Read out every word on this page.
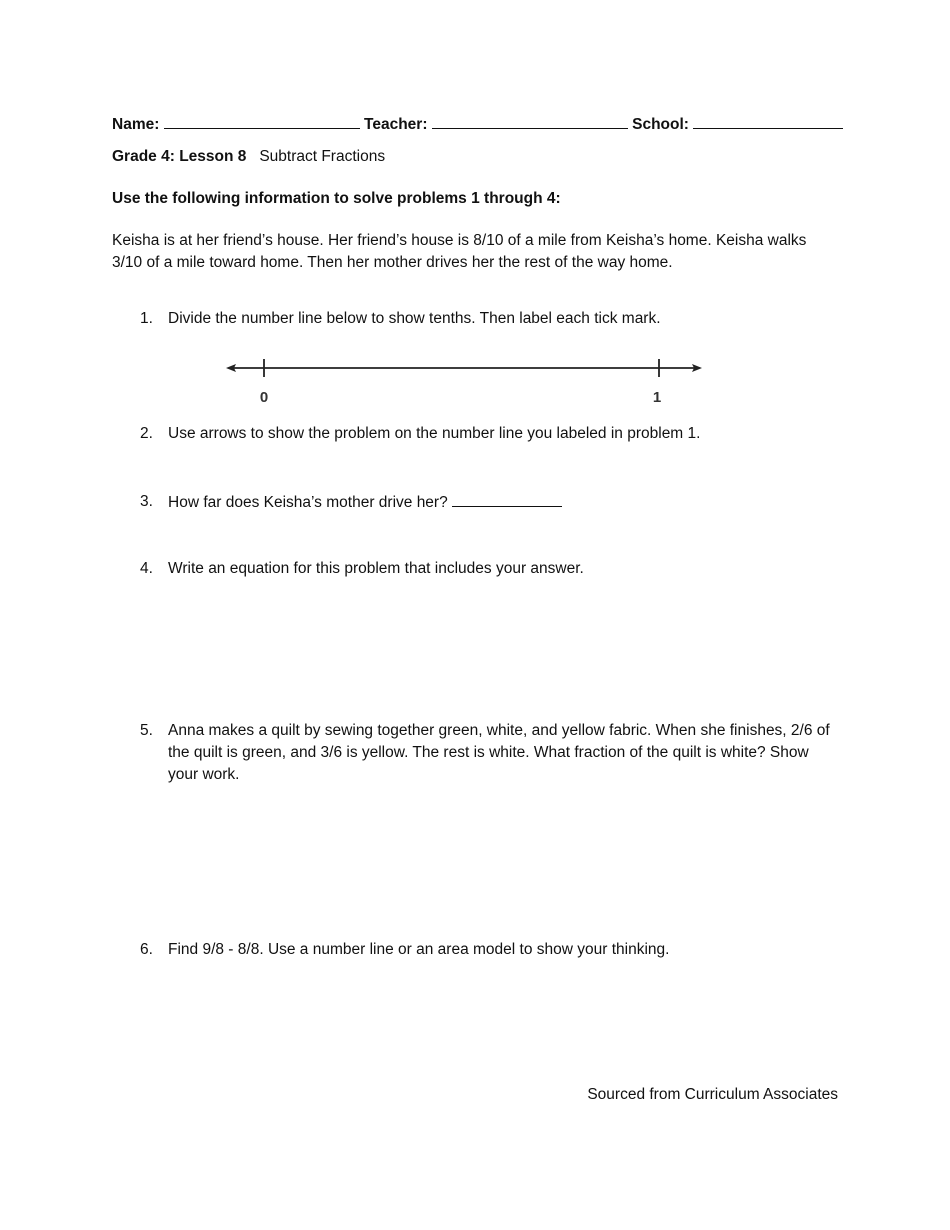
Name:	Teacher:	School:
Grade 4: Lesson 8 Subtract Fractions
Use the following information to solve problems 1 through 4:
Keisha is at her friend’s house. Her friend’s house is 8/10 of a mile from Keisha’s home. Keisha walks 3/10 of a mile toward home. Then her mother drives her the rest of the way home.
1. Divide the number line below to show tenths. Then label each tick mark.
0	1
2. Use arrows to show the problem on the number line you labeled in problem 1.
3. How far does Keisha’s mother drive her?
4. Write an equation for this problem that includes your answer.
5. Anna makes a quilt by sewing together green, white, and yellow fabric. When she finishes, 2/6 of the quilt is green, and 3/6 is yellow. The rest is white. What fraction of the quilt is white? Show your work.
6. Find 9/8 - 8/8. Use a number line or an area model to show your thinking.
Sourced from Curriculum Associates
